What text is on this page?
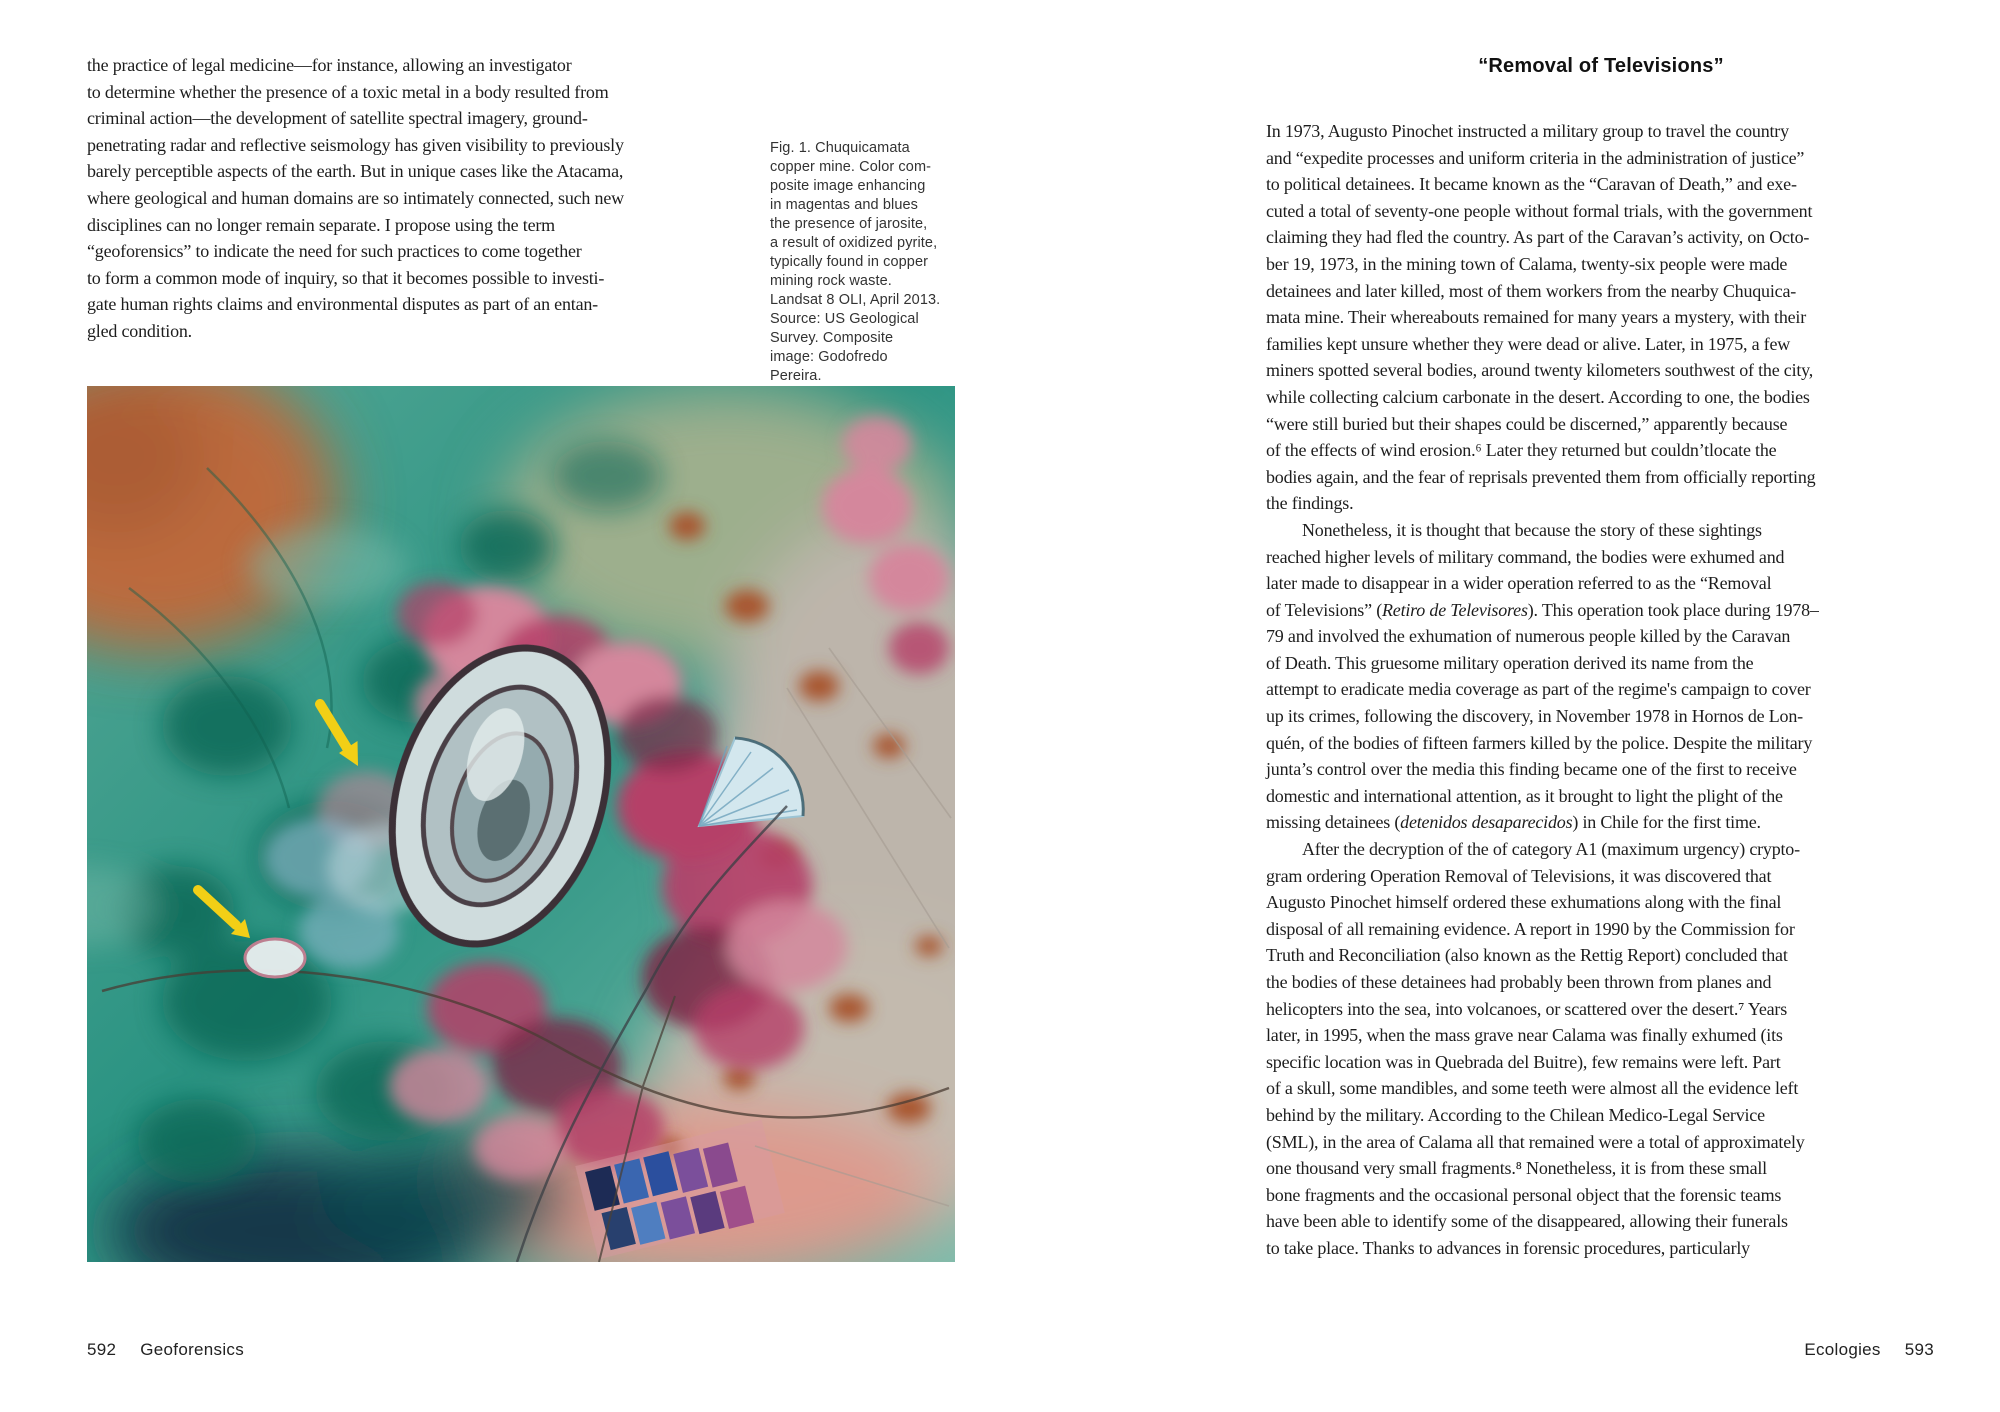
the practice of legal medicine—for instance, allowing an investigator
to determine whether the presence of a toxic metal in a body resulted from
criminal action—the development of satellite spectral imagery, ground-
penetrating radar and reflective seismology has given visibility to previously
barely perceptible aspects of the earth. But in unique cases like the Atacama,
where geological and human domains are so intimately connected, such new
disciplines can no longer remain separate. I propose using the term
“geoforensics” to indicate the need for such practices to come together
to form a common mode of inquiry, so that it becomes possible to investi-
gate human rights claims and environmental disputes as part of an entan-
gled condition.
Fig. 1. Chuquicamata
copper mine. Color com-
posite image enhancing
in magentas and blues
the presence of jarosite,
a result of oxidized pyrite,
typically found in copper
mining rock waste.
Landsat 8 OLI, April 2013.
Source: US Geological
Survey. Composite
image: Godofredo
Pereira.
592 Geoforensics
“Removal of Televisions”
In 1973, Augusto Pinochet instructed a military group to travel the country
and “expedite processes and uniform criteria in the administration of justice”
to political detainees. It became known as the “Caravan of Death,” and exe-
cuted a total of seventy-one people without formal trials, with the government
claiming they had fled the country. As part of the Caravan’s activity, on Octo-
ber 19, 1973, in the mining town of Calama, twenty-six people were made
detainees and later killed, most of them workers from the nearby Chuquica-
mata mine. Their whereabouts remained for many years a mystery, with their
families kept unsure whether they were dead or alive. Later, in 1975, a few
miners spotted several bodies, around twenty kilometers southwest of the city,
while collecting calcium carbonate in the desert. According to one, the bodies
“were still buried but their shapes could be discerned,” apparently because
of the effects of wind erosion.⁶ Later they returned but couldn’tlocate the
bodies again, and the fear of reprisals prevented them from officially reporting
the findings.
Nonetheless, it is thought that because the story of these sightings
reached higher levels of military command, the bodies were exhumed and
later made to disappear in a wider operation referred to as the “Removal
of Televisions” (Retiro de Televisores). This operation took place during 1978–
79 and involved the exhumation of numerous people killed by the Caravan
of Death. This gruesome military operation derived its name from the
attempt to eradicate media coverage as part of the regime's campaign to cover
up its crimes, following the discovery, in November 1978 in Hornos de Lon-
quén, of the bodies of fifteen farmers killed by the police. Despite the military
junta’s control over the media this finding became one of the first to receive
domestic and international attention, as it brought to light the plight of the
missing detainees (detenidos desaparecidos) in Chile for the first time.
After the decryption of the of category A1 (maximum urgency) crypto-
gram ordering Operation Removal of Televisions, it was discovered that
Augusto Pinochet himself ordered these exhumations along with the final
disposal of all remaining evidence. A report in 1990 by the Commission for
Truth and Reconciliation (also known as the Rettig Report) concluded that
the bodies of these detainees had probably been thrown from planes and
helicopters into the sea, into volcanoes, or scattered over the desert.⁷ Years
later, in 1995, when the mass grave near Calama was finally exhumed (its
specific location was in Quebrada del Buitre), few remains were left. Part
of a skull, some mandibles, and some teeth were almost all the evidence left
behind by the military. According to the Chilean Medico-Legal Service
(SML), in the area of Calama all that remained were a total of approximately
one thousand very small fragments.⁸ Nonetheless, it is from these small
bone fragments and the occasional personal object that the forensic teams
have been able to identify some of the disappeared, allowing their funerals
to take place. Thanks to advances in forensic procedures, particularly
Ecologies 593
